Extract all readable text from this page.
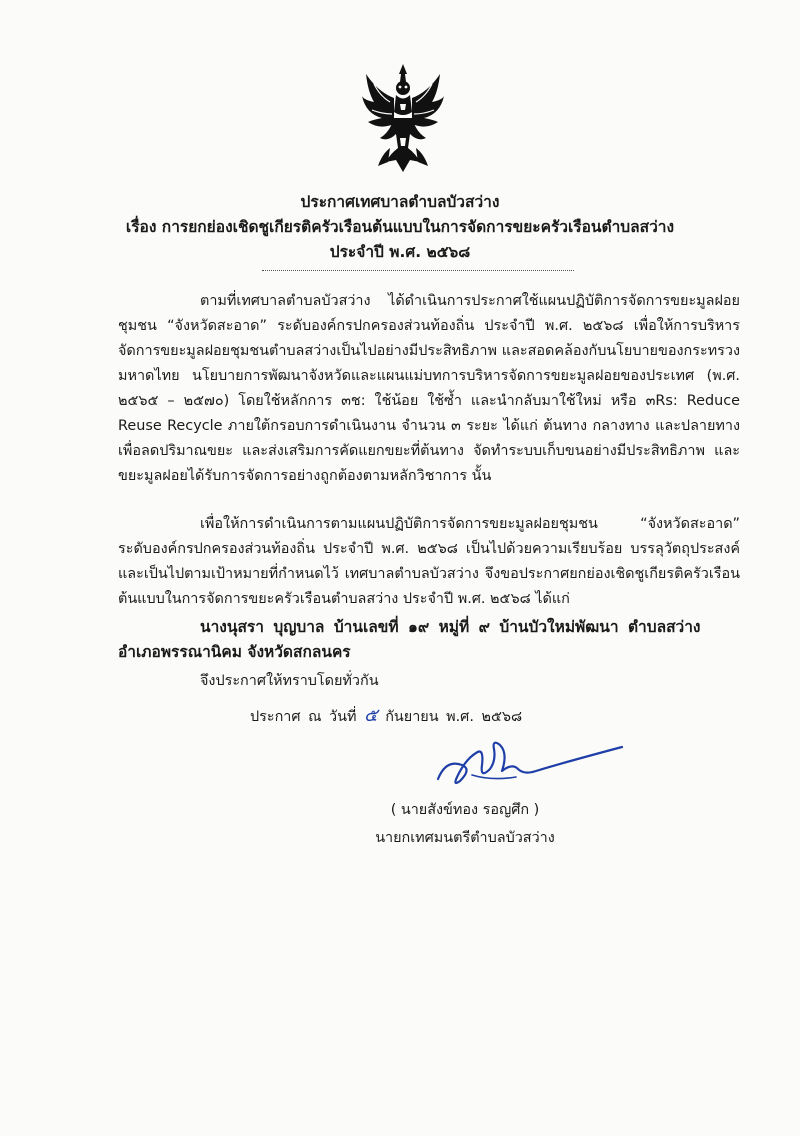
ประกาศเทศบาลตำบลบัวสว่าง
เรื่อง การยกย่องเชิดชูเกียรติครัวเรือนต้นแบบในการจัดการขยะครัวเรือนตำบลสว่าง
ประจำปี พ.ศ. ๒๕๖๘

ตามที่เทศบาลตำบลบัวสว่าง ได้ดำเนินการประกาศใช้แผนปฏิบัติการจัดการขยะมูลฝอยชุมชน “จังหวัดสะอาด” ระดับองค์กรปกครองส่วนท้องถิ่น ประจำปี พ.ศ. ๒๕๖๘ เพื่อให้การบริหารจัดการขยะมูลฝอยชุมชนตำบลสว่างเป็นไปอย่างมีประสิทธิภาพ และสอดคล้องกับนโยบายของกระทรวงมหาดไทย นโยบายการพัฒนาจังหวัดและแผนแม่บทการบริหารจัดการขยะมูลฝอยของประเทศ (พ.ศ. ๒๕๖๕ – ๒๕๗๐) โดยใช้หลักการ ๓ช: ใช้น้อย ใช้ซ้ำ และนำกลับมาใช้ใหม่ หรือ ๓Rs: Reduce Reuse Recycle ภายใต้กรอบการดำเนินงาน จำนวน ๓ ระยะ ได้แก่ ต้นทาง กลางทาง และปลายทาง เพื่อลดปริมาณขยะ และส่งเสริมการคัดแยกขยะที่ต้นทาง จัดทำระบบเก็บขนอย่างมีประสิทธิภาพ และขยะมูลฝอยได้รับการจัดการอย่างถูกต้องตามหลักวิชาการ นั้น

เพื่อให้การดำเนินการตามแผนปฏิบัติการจัดการขยะมูลฝอยชุมชน “จังหวัดสะอาด” ระดับองค์กรปกครองส่วนท้องถิ่น ประจำปี พ.ศ. ๒๕๖๘ เป็นไปด้วยความเรียบร้อย บรรลุวัตถุประสงค์ และเป็นไปตามเป้าหมายที่กำหนดไว้ เทศบาลตำบลบัวสว่าง จึงขอประกาศยกย่องเชิดชูเกียรติครัวเรือนต้นแบบในการจัดการขยะครัวเรือนตำบลสว่าง ประจำปี พ.ศ. ๒๕๖๘ ได้แก่

นางนุสรา บุญบาล บ้านเลขที่ ๑๙ หมู่ที่ ๙ บ้านบัวใหม่พัฒนา ตำบลสว่าง
อำเภอพรรณานิคม จังหวัดสกลนคร
จึงประกาศให้ทราบโดยทั่วกัน
ประกาศ ณ วันที่ ๕ กันยายน พ.ศ. ๒๕๖๘
( นายสังข์ทอง รอญศึก )
นายกเทศมนตรีตำบลบัวสว่าง
